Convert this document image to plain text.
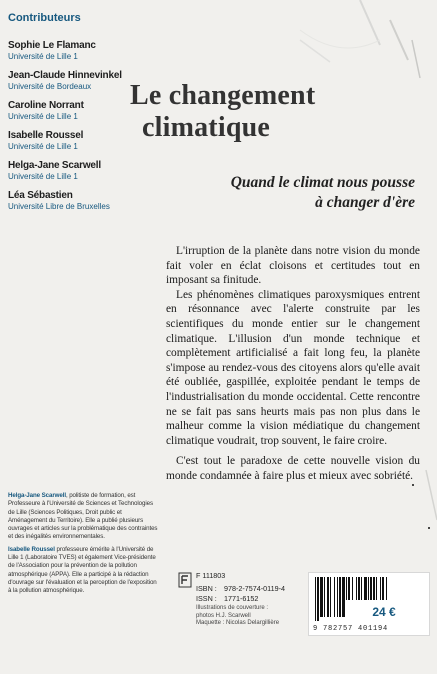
Contributeurs
Sophie Le Flamanc
Université de Lille 1
Jean-Claude Hinnevinkel
Université de Bordeaux
Caroline Norrant
Université de Lille 1
Isabelle Roussel
Université de Lille 1
Helga-Jane Scarwell
Université de Lille 1
Léa Sébastien
Université Libre de Bruxelles
Le changement
climatique
Quand le climat nous pousse
à changer d'ère

L'irruption de la planète dans notre vision du monde fait voler en éclat cloisons et certitudes tout en imposant sa finitude.

Les phénomènes climatiques paroxysmiques entrent en résonnance avec l'alerte construite par les scientifiques du monde entier sur le changement climatique. L'illusion d'un monde technique et complètement artificialisé a fait long feu, la planète s'impose au rendez-vous des citoyens alors qu'elle avait été oubliée, gaspillée, exploitée pendant le temps de l'industrialisation du monde occidental. Cette rencontre ne se fait pas sans heurts mais pas non plus dans le malheur comme la vision médiatique du changement climatique voudrait, trop souvent, le faire croire.

C'est tout le paradoxe de cette nouvelle vision du monde condamnée à faire plus et mieux avec sobriété.

Helga-Jane Scarwell, politiste de formation, est Professeure à l'Université de Sciences et Technologies de Lille (Sciences Politiques, Droit public et Aménagement du Territoire). Elle a publié plusieurs ouvrages et articles sur la problématique des contraintes et des inégalités environnementales.

Isabelle Roussel professeure émérite à l'Université de Lille 1 (Laboratoire TVES) et également Vice-présidente de l'Association pour la prévention de la pollution atmosphérique (APPA). Elle a participé à la rédaction d'ouvrage sur l'évaluation et la perception de l'exposition à la pollution atmosphérique.

F 111803
ISBN :	978-2-7574-0119-4
ISSN :	1771-6152
Illustrations de couverture :
photos H.J. Scarwell
Maquette : Nicolas Delargillière
9 782757 401194
24 €
